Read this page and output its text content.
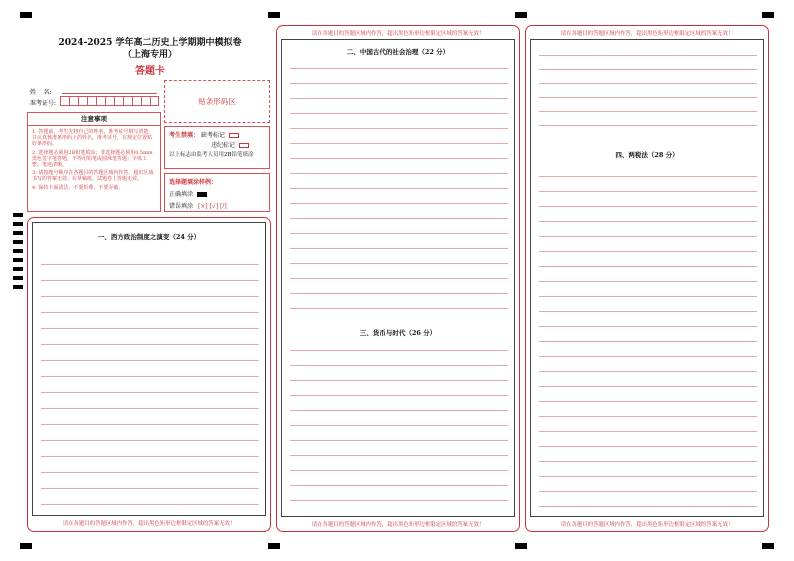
2024-2025 学年高二历史上学期期中模拟卷
（上海专用）
答题卡
姓    名:
准考证号:	贴条形码区
注意事项
1. 答题前，考生先将自己的姓名，准考证号填写清楚，并认真核准条形码上的姓名，准考证号，在规定位置贴好条形码。
2. 选择题必须用2B铅笔填涂；非选择题必须用0.5mm黑色签字笔答题，不得用铅笔或圆珠笔答题；字体工整、笔迹清晰。
3. 请按题号顺序在各题目的答题区域内作答，超出区域书写的答案无效；在草稿纸、试题卷上答题无效。
4. 保持卡面清洁，不要折叠、不要弄破。
考生禁填： 缺考标记
违纪标记
以上标志由监考人员用2B铅笔填涂
选择题填涂样例：
正确填涂
错误填涂 [×] [√] [/]
一、西方政治制度之演变（24 分）
请在各题目的答题区域内作答，超出黑色矩形边框限定区域的答案无效！
请在各题目的答题区域内作答，超出黑色矩形边框限定区域的答案无效！
二、中国古代的社会治理（22 分）
三、货币与时代（26 分）
请在各题目的答题区域内作答，超出黑色矩形边框限定区域的答案无效！
请在各题目的答题区域内作答，超出黑色矩形边框限定区域的答案无效！
四、两税法（28 分）
请在各题目的答题区域内作答，超出黑色矩形边框限定区域的答案无效！
